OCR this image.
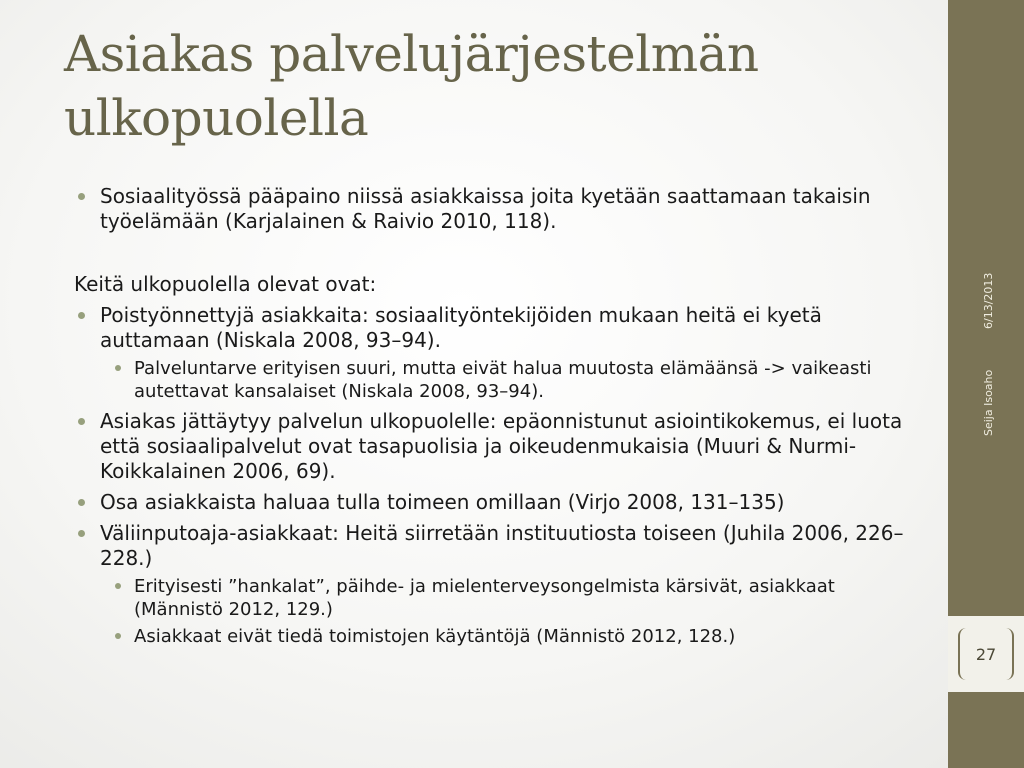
Asiakas palvelujärjestelmän ulkopuolella

Sosiaalityössä pääpaino niissä asiakkaissa joita kyetään saattamaan takaisin työelämään (Karjalainen & Raivio 2010, 118).

Keitä ulkopuolella olevat ovat:

Poistyönnettyjä asiakkaita: sosiaalityöntekijöiden mukaan heitä ei kyetä auttamaan (Niskala 2008, 93–94).

Palveluntarve erityisen suuri, mutta eivät halua muutosta elämäänsä -> vaikeasti autettavat kansalaiset (Niskala 2008, 93–94).

Asiakas jättäytyy palvelun ulkopuolelle: epäonnistunut asiointikokemus, ei luota että sosiaalipalvelut ovat tasapuolisia ja oikeudenmukaisia (Muuri & Nurmi-Koikkalainen 2006, 69).

Osa asiakkaista haluaa tulla toimeen omillaan (Virjo 2008, 131–135)

Väliinputoaja-asiakkaat: Heitä siirretään instituutiosta toiseen (Juhila 2006, 226–228.)

Erityisesti ”hankalat”, päihde- ja mielenterveysongelmista kärsivät, asiakkaat (Männistö 2012, 129.)

Asiakkaat eivät tiedä toimistojen käytäntöjä (Männistö 2012, 128.)

6/13/2013
Seija Isoaho
27
